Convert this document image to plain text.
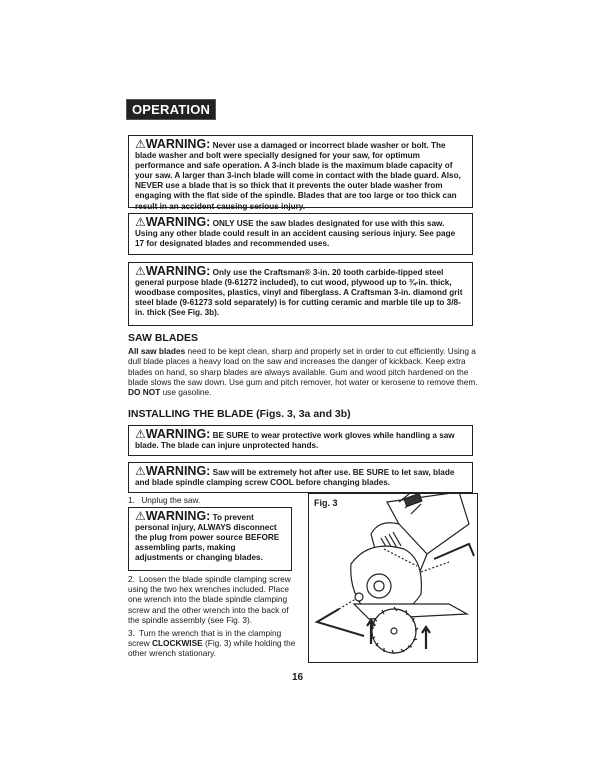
OPERATION
⚠WARNING: Never use a damaged or incorrect blade washer or bolt. The blade washer and bolt were specially designed for your saw, for optimum performance and safe operation. A 3-inch blade is the maximum blade capacity of your saw. A larger than 3-inch blade will come in contact with the blade guard. Also, NEVER use a blade that is so thick that it prevents the outer blade washer from engaging with the flat side of the spindle. Blades that are too large or too thick can result in an accident causing serious injury.
⚠WARNING: ONLY USE the saw blades designated for use with this saw. Using any other blade could result in an accident causing serious injury. See page 17 for designated blades and recommended uses.
⚠WARNING: Only use the Craftsman® 3-in. 20 tooth carbide-tipped steel general purpose blade (9-61272 included), to cut wood, plywood up to ¾-in. thick, woodbase composites, plastics, vinyl and fiberglass. A Craftsman 3-in. diamond grit steel blade (9-61273 sold separately) is for cutting ceramic and marble tile up to 3/8-in. thick (See Fig. 3b).
SAW BLADES
All saw blades need to be kept clean, sharp and properly set in order to cut efficiently. Using a dull blade places a heavy load on the saw and increases the danger of kickback. Keep extra blades on hand, so sharp blades are always available. Gum and wood pitch hardened on the blade slows the saw down. Use gum and pitch remover, hot water or kerosene to remove them. DO NOT use gasoline.
INSTALLING THE BLADE (Figs. 3, 3a and 3b)
⚠WARNING: BE SURE to wear protective work gloves while handling a saw blade. The blade can injure unprotected hands.
⚠WARNING: Saw will be extremely hot after use. BE SURE to let saw, blade and blade spindle clamping screw COOL before changing blades.
1. Unplug the saw.
⚠WARNING: To prevent personal injury, ALWAYS disconnect the plug from power source BEFORE assembling parts, making adjustments or changing blades.
2. Loosen the blade spindle clamping screw using the two hex wrenches included. Place one wrench into the blade spindle clamping screw and the other wrench into the back of the spindle assembly (see Fig. 3).
3. Turn the wrench that is in the clamping screw CLOCKWISE (Fig. 3) while holding the other wrench stationary.
Fig. 3
16
